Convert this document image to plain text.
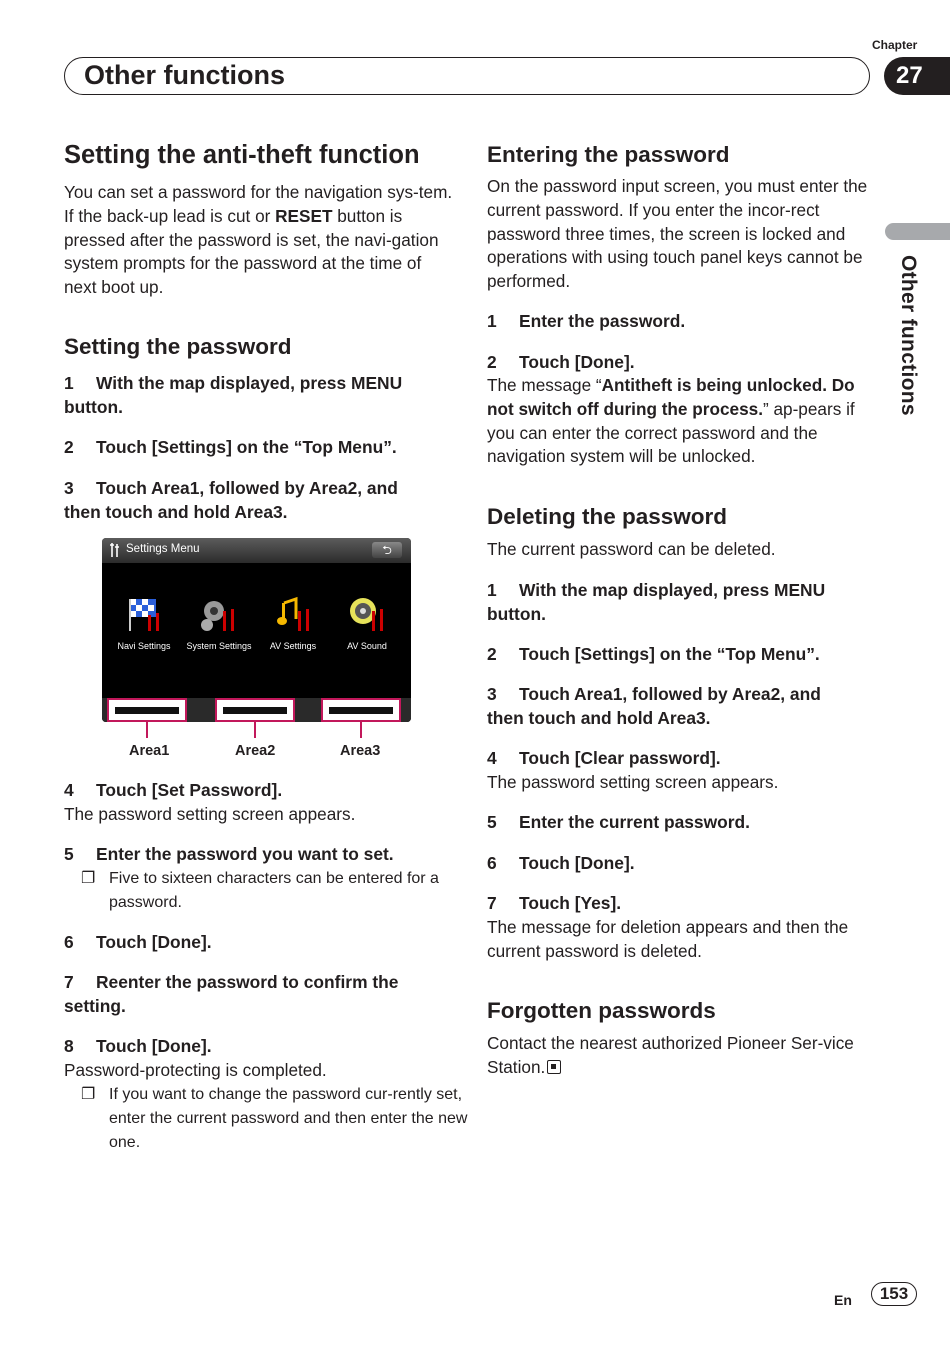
Chapter
Other functions	27
Other functions
Setting the anti-theft function
You can set a password for the navigation sys-tem. If the back-up lead is cut or RESET button is pressed after the password is set, the navi-gation system prompts for the password at the time of next boot up.
Setting the password
1 With the map displayed, press MENU button.
2 Touch [Settings] on the “Top Menu”.
3 Touch Area1, followed by Area2, and then touch and hold Area3.
Settings Menu	⮌
Navi Settings	System Settings	AV Settings	AV Sound
Area1	Area2	Area3
4 Touch [Set Password].
The password setting screen appears.
5 Enter the password you want to set.
❐ Five to sixteen characters can be entered for a password.
6 Touch [Done].
7 Reenter the password to confirm the setting.
8 Touch [Done].
Password-protecting is completed.
❐ If you want to change the password cur-rently set, enter the current password and then enter the new one.
Entering the password
On the password input screen, you must enter the current password. If you enter the incor-rect password three times, the screen is locked and operations with using touch panel keys cannot be performed.
1 Enter the password.
2 Touch [Done].
The message “Antitheft is being unlocked. Do not switch off during the process.” ap-pears if you can enter the correct password and the navigation system will be unlocked.
Deleting the password
The current password can be deleted.
1 With the map displayed, press MENU button.
2 Touch [Settings] on the “Top Menu”.
3 Touch Area1, followed by Area2, and then touch and hold Area3.
4 Touch [Clear password].
The password setting screen appears.
5 Enter the current password.
6 Touch [Done].
7 Touch [Yes].
The message for deletion appears and then the current password is deleted.
Forgotten passwords
Contact the nearest authorized Pioneer Ser-vice Station.
En	153
